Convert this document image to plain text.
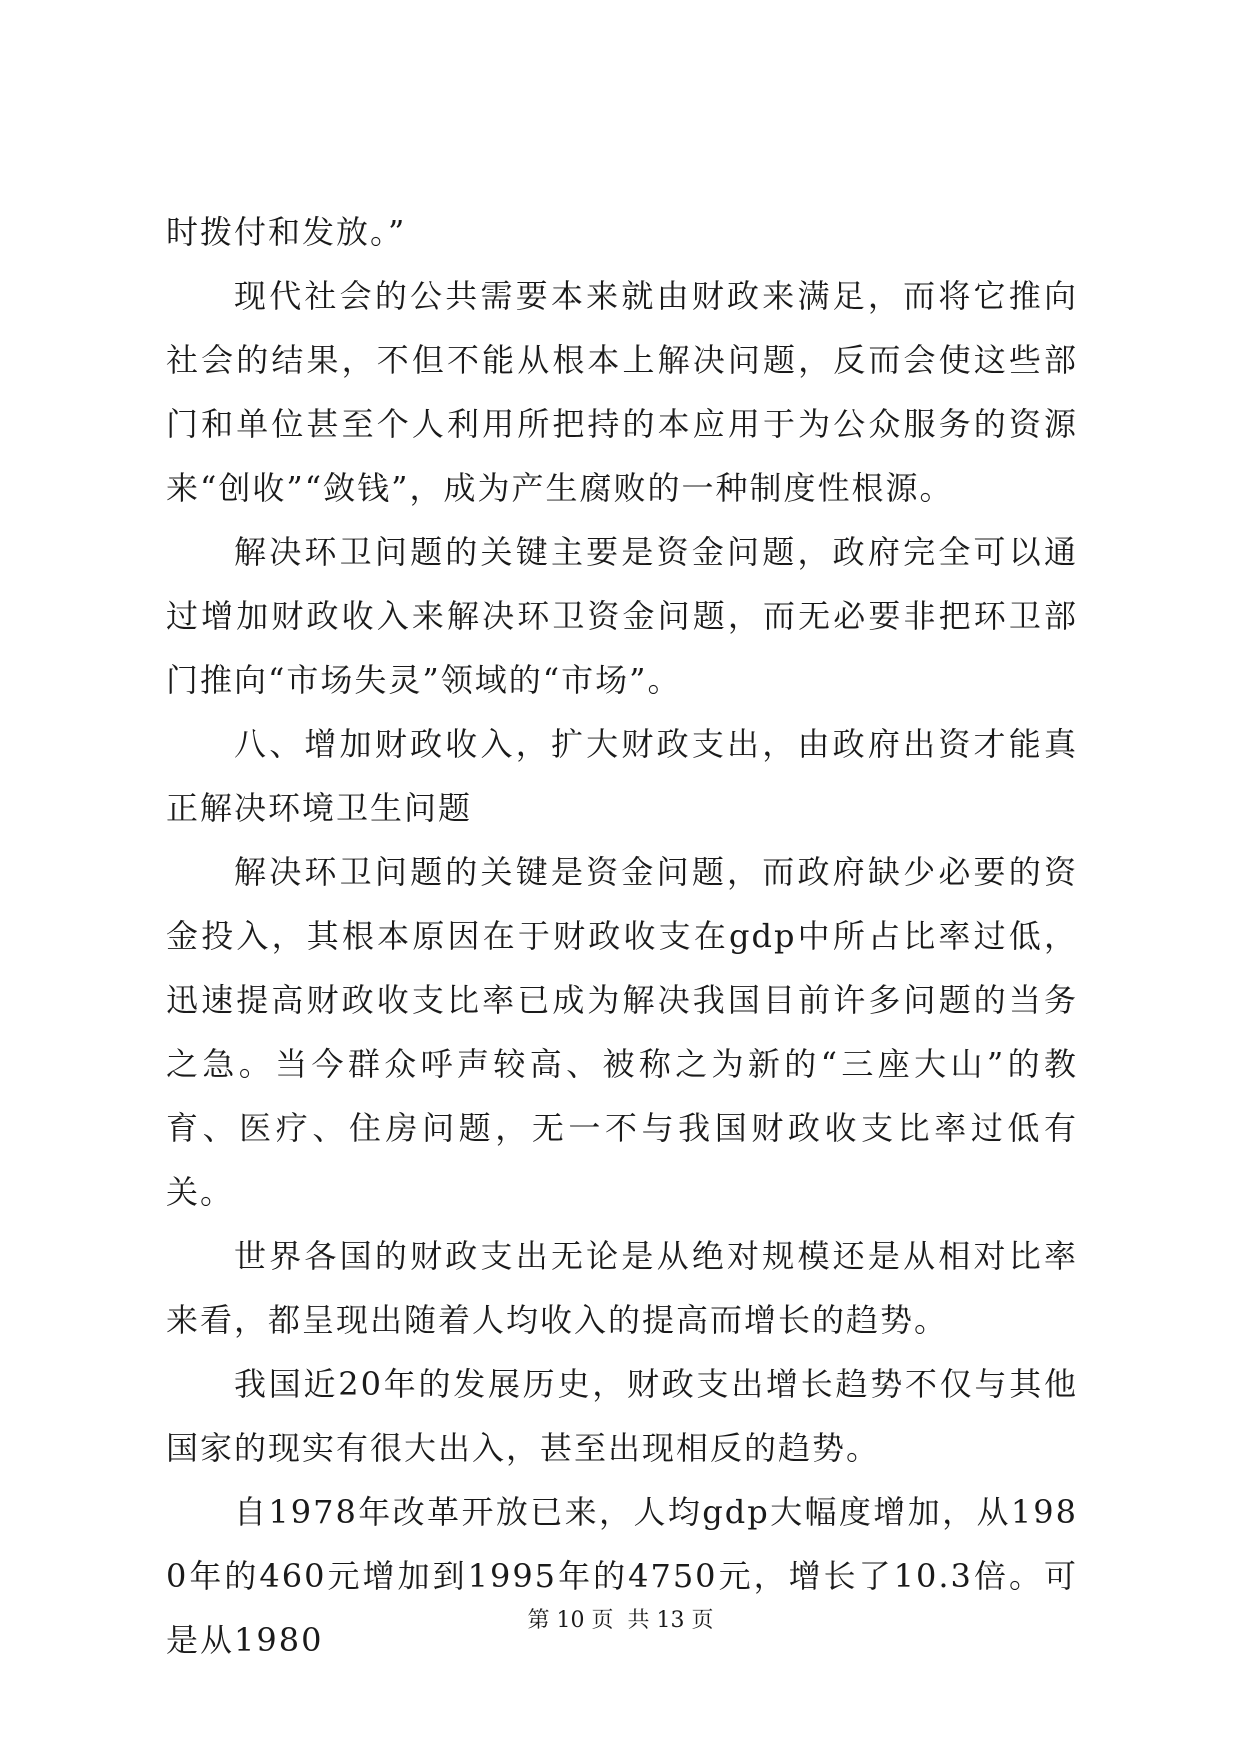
时拨付和发放。”

现代社会的公共需要本来就由财政来满足，而将它推向社会的结果，不但不能从根本上解决问题，反而会使这些部门和单位甚至个人利用所把持的本应用于为公众服务的资源来“创收”“敛钱”，成为产生腐败的一种制度性根源。

解决环卫问题的关键主要是资金问题，政府完全可以通过增加财政收入来解决环卫资金问题，而无必要非把环卫部门推向“市场失灵”领域的“市场”。

八、增加财政收入，扩大财政支出，由政府出资才能真正解决环境卫生问题

解决环卫问题的关键是资金问题，而政府缺少必要的资金投入，其根本原因在于财政收支在gdp中所占比率过低，迅速提高财政收支比率已成为解决我国目前许多问题的当务之急。当今群众呼声较高、被称之为新的“三座大山”的教育、医疗、住房问题，无一不与我国财政收支比率过低有关。

世界各国的财政支出无论是从绝对规模还是从相对比率来看，都呈现出随着人均收入的提高而增长的趋势。

我国近20年的发展历史，财政支出增长趋势不仅与其他国家的现实有很大出入，甚至出现相反的趋势。

自1978年改革开放已来，人均gdp大幅度增加，从1980年的460元增加到1995年的4750元，增长了10.3倍。可是从1980

第 10 页  共 13 页
